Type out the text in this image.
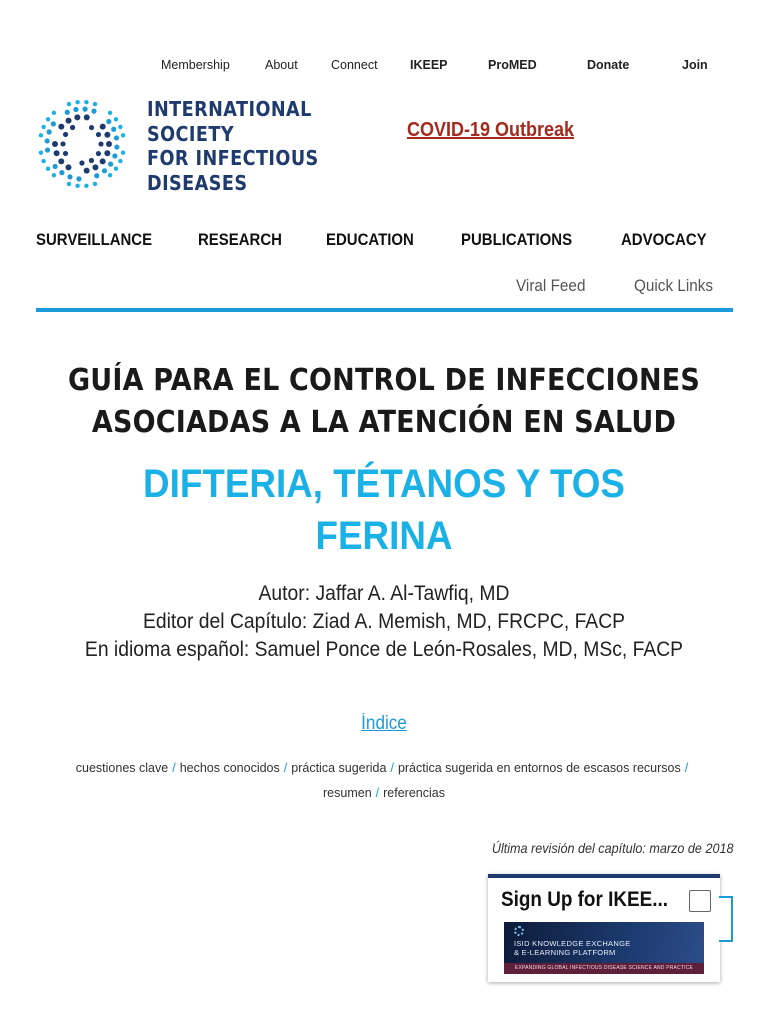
Membership	About	Connect	IKEEP	ProMED	Donate	Join
INTERNATIONAL
SOCIETY
FOR INFECTIOUS
DISEASES
COVID-19 Outbreak
SURVEILLANCE	RESEARCH	EDUCATION	PUBLICATIONS	ADVOCACY
Viral Feed	Quick Links
GUÍA PARA EL CONTROL DE INFECCIONES
ASOCIADAS A LA ATENCIÓN EN SALUD
DIFTERIA, TÉTANOS Y TOS FERINA
Autor: Jaffar A. Al-Tawfiq, MD
Editor del Capítulo: Ziad A. Memish, MD, FRCPC, FACP
En idioma español: Samuel Ponce de León-Rosales, MD, MSc, FACP
Índice
cuestiones clave / hechos conocidos / práctica sugerida / práctica sugerida en entornos de escasos recursos /
resumen / referencias
Última revisión del capítulo: marzo de 2018
Sign Up for IKEE...
ISID KNOWLEDGE EXCHANGE
& E-LEARNING PLATFORM
EXPANDING GLOBAL INFECTIOUS DISEASE SCIENCE AND PRACTICE
